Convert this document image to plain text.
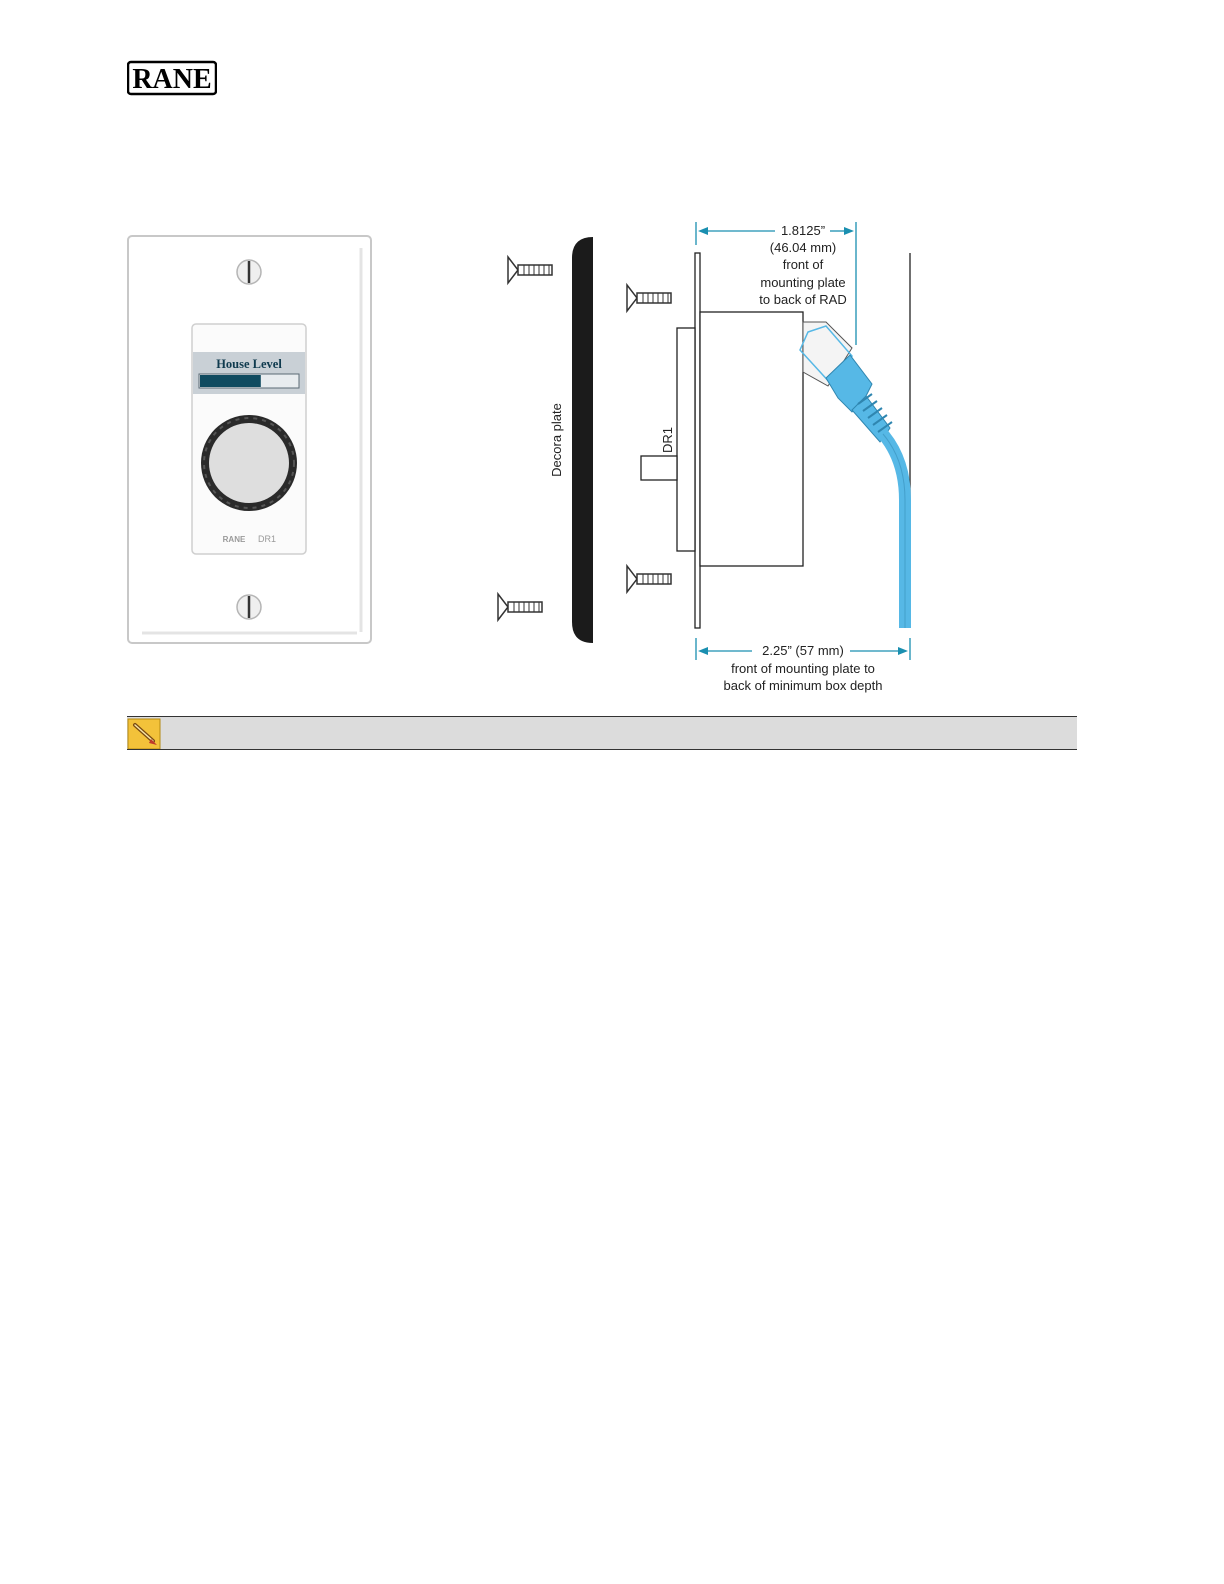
RANE
House Level
RANE DR1
Decora plate	DR1
1.8125”
(46.04 mm)
front of
mounting plate
to back of RAD
2.25” (57 mm)
front of mounting plate to
back of minimum box depth
